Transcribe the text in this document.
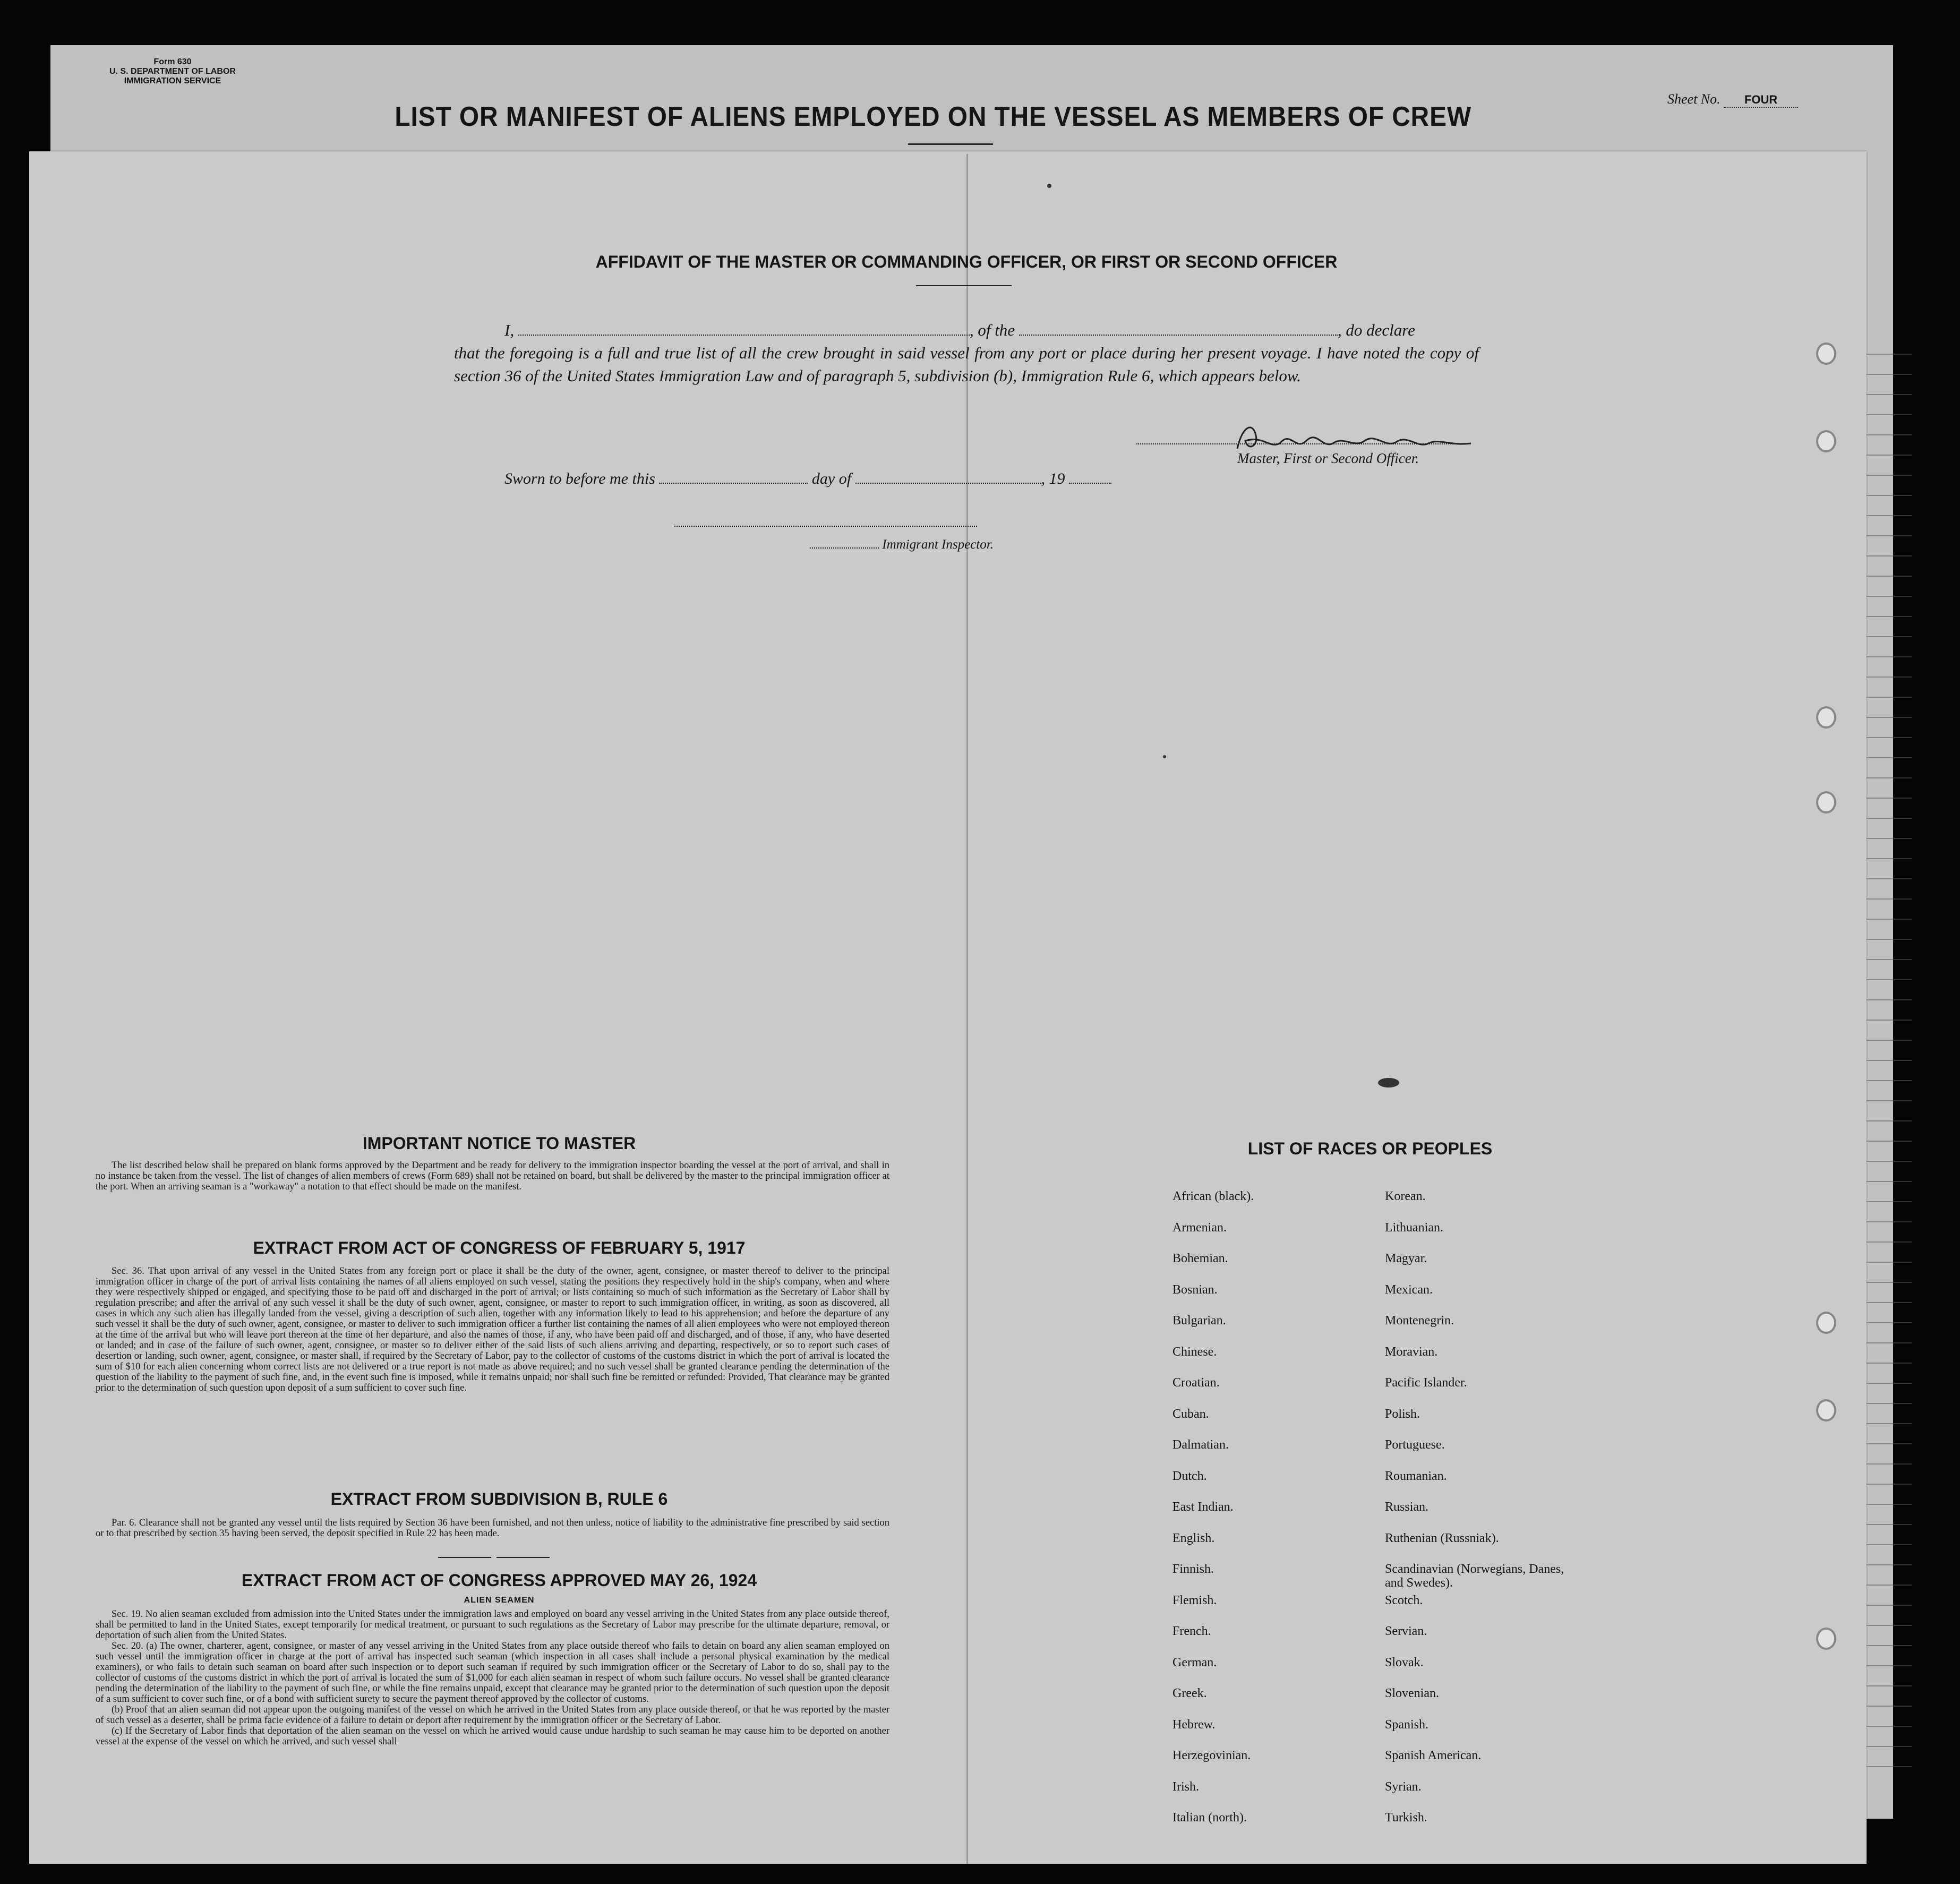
Form 630
U. S. DEPARTMENT OF LABOR
IMMIGRATION SERVICE
Sheet No. FOUR
LIST OR MANIFEST OF ALIENS EMPLOYED ON THE VESSEL AS MEMBERS OF CREW
AFFIDAVIT OF THE MASTER OR COMMANDING OFFICER, OR FIRST OR SECOND OFFICER
I,	, of the	, do declare
that the foregoing is a full and true list of all the crew brought in said vessel from any port or place during her present voyage. I have noted the copy of section 36 of the United States Immigration Law and of paragraph 5, subdivision (b), Immigration Rule 6, which appears below.
Master, First or Second Officer.
Sworn to before me this	day of	, 19
Immigrant Inspector.
IMPORTANT NOTICE TO MASTER

The list described below shall be prepared on blank forms approved by the Department and be ready for delivery to the immigration inspector boarding the vessel at the port of arrival, and shall in no instance be taken from the vessel. The list of changes of alien members of crews (Form 689) shall not be retained on board, but shall be delivered by the master to the principal immigration officer at the port. When an arriving seaman is a "workaway" a notation to that effect should be made on the manifest.

EXTRACT FROM ACT OF CONGRESS OF FEBRUARY 5, 1917

Sec. 36. That upon arrival of any vessel in the United States from any foreign port or place it shall be the duty of the owner, agent, consignee, or master thereof to deliver to the principal immigration officer in charge of the port of arrival lists containing the names of all aliens employed on such vessel, stating the positions they respectively hold in the ship's company, when and where they were respectively shipped or engaged, and specifying those to be paid off and discharged in the port of arrival; or lists containing so much of such information as the Secretary of Labor shall by regulation prescribe; and after the arrival of any such vessel it shall be the duty of such owner, agent, consignee, or master to report to such immigration officer, in writing, as soon as discovered, all cases in which any such alien has illegally landed from the vessel, giving a description of such alien, together with any information likely to lead to his apprehension; and before the departure of any such vessel it shall be the duty of such owner, agent, consignee, or master to deliver to such immigration officer a further list containing the names of all alien employees who were not employed thereon at the time of the arrival but who will leave port thereon at the time of her departure, and also the names of those, if any, who have been paid off and discharged, and of those, if any, who have deserted or landed; and in case of the failure of such owner, agent, consignee, or master so to deliver either of the said lists of such aliens arriving and departing, respectively, or so to report such cases of desertion or landing, such owner, agent, consignee, or master shall, if required by the Secretary of Labor, pay to the collector of customs of the customs district in which the port of arrival is located the sum of $10 for each alien concerning whom correct lists are not delivered or a true report is not made as above required; and no such vessel shall be granted clearance pending the determination of the question of the liability to the payment of such fine, and, in the event such fine is imposed, while it remains unpaid; nor shall such fine be remitted or refunded: Provided, That clearance may be granted prior to the determination of such question upon deposit of a sum sufficient to cover such fine.

EXTRACT FROM SUBDIVISION B, RULE 6

Par. 6. Clearance shall not be granted any vessel until the lists required by Section 36 have been furnished, and not then unless, notice of liability to the administrative fine prescribed by said section or to that prescribed by section 35 having been served, the deposit specified in Rule 22 has been made.

EXTRACT FROM ACT OF CONGRESS APPROVED MAY 26, 1924
ALIEN SEAMEN

Sec. 19. No alien seaman excluded from admission into the United States under the immigration laws and employed on board any vessel arriving in the United States from any place outside thereof, shall be permitted to land in the United States, except temporarily for medical treatment, or pursuant to such regulations as the Secretary of Labor may prescribe for the ultimate departure, removal, or deportation of such alien from the United States.

Sec. 20. (a) The owner, charterer, agent, consignee, or master of any vessel arriving in the United States from any place outside thereof who fails to detain on board any alien seaman employed on such vessel until the immigration officer in charge at the port of arrival has inspected such seaman (which inspection in all cases shall include a personal physical examination by the medical examiners), or who fails to detain such seaman on board after such inspection or to deport such seaman if required by such immigration officer or the Secretary of Labor to do so, shall pay to the collector of customs of the customs district in which the port of arrival is located the sum of $1,000 for each alien seaman in respect of whom such failure occurs. No vessel shall be granted clearance pending the determination of the liability to the payment of such fine, or while the fine remains unpaid, except that clearance may be granted prior to the determination of such question upon the deposit of a sum sufficient to cover such fine, or of a bond with sufficient surety to secure the payment thereof approved by the collector of customs.

(b) Proof that an alien seaman did not appear upon the outgoing manifest of the vessel on which he arrived in the United States from any place outside thereof, or that he was reported by the master of such vessel as a deserter, shall be prima facie evidence of a failure to detain or deport after requirement by the immigration officer or the Secretary of Labor.

(c) If the Secretary of Labor finds that deportation of the alien seaman on the vessel on which he arrived would cause undue hardship to such seaman he may cause him to be deported on another vessel at the expense of the vessel on which he arrived, and such vessel shall

LIST OF RACES OR PEOPLES
African (black).
Armenian.
Bohemian.
Bosnian.
Bulgarian.
Chinese.
Croatian.
Cuban.
Dalmatian.
Dutch.
East Indian.
English.
Finnish.
Flemish.
French.
German.
Greek.
Hebrew.
Herzegovinian.
Irish.
Italian (north).
Korean.
Lithuanian.
Magyar.
Mexican.
Montenegrin.
Moravian.
Pacific Islander.
Polish.
Portuguese.
Roumanian.
Russian.
Ruthenian (Russniak).
Scandinavian (Norwegians, Danes, and Swedes).
Scotch.
Servian.
Slovak.
Slovenian.
Spanish.
Spanish American.
Syrian.
Turkish.
